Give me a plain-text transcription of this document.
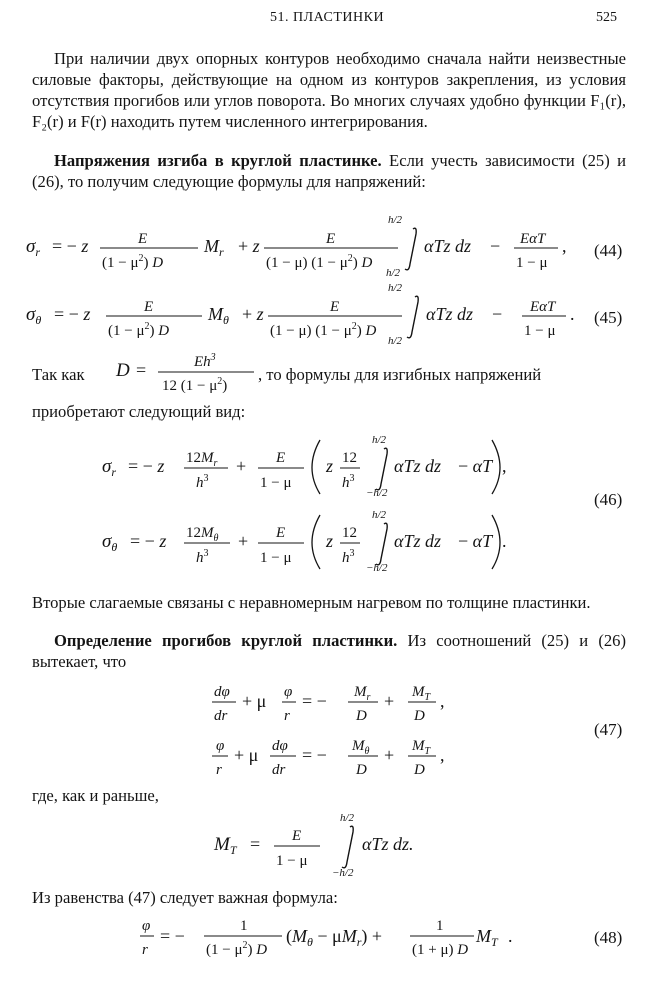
51. ПЛАСТИНКИ	525

При наличии двух опорных контуров необходимо сначала найти неизвестные силовые факторы, действующие на одном из контуров закрепления, из условия отсутствия прогибов или углов поворота. Во многих случаях удобно функции F₁(r), F₂(r) и F(r) находить путем численного интегрирования.

Напряжения изгиба в круглой пластинке. Если учесть зависимости (25) и (26), то получим следующие формулы для напряжений:

$\sigma_r$ = − z	E
$(1 - \mu^2)$ D
$M_r + z$	E
(1 − μ) $(1 - \mu^2)$ D
h/2
h/2
αTz dz − EαT
1 − μ
, (44)
$\sigma_\theta$ = − z	E
$(1 - \mu^2)$ D
$M_\theta + z$	E
(1 − μ) $(1 - \mu^2)$ D
h/2
h/2
αTz dz − EαT
1 − μ
. (45)
Так как D =	$Eh^3$
12 $(1 - \mu^2)$
, то формулы для изгибных напряжений
приобретают следующий вид:
$\sigma_r$ = − z $12M_r$
$h^3$
+ E
1 − μ
z 12
$h^3$
h/2
−h/2
αTz dz − αT ,
$\sigma_\theta$ = − z $12M_\theta$
$h^3$
+ E
1 − μ
z 12
$h^3$
h/2
−h/2
αTz dz − αT .
(46)

Вторые слагаемые связаны с неравномерным нагревом по толщине пластинки.

Определение прогибов круглой пластинки. Из соотношений (25) и (26) вытекает, что

dφ
dr
+ μ φ
r
= − $M_r$
D
+ $M_T$
D
,
φ
r
+ μ dφ
dr
= − $M_\theta$
D
+ $M_T$
D
,
(47)
где, как и раньше,
$M_T = E$
1 − μ
h/2
−h/2
αTz dz.
Из равенства (47) следует важная формула:
φ
r
= −	1
$(1 - \mu^2)$ D
$(M_\theta - \mu M_r)$ +	1
(1 + μ) D
$M_T$ .	(48)
